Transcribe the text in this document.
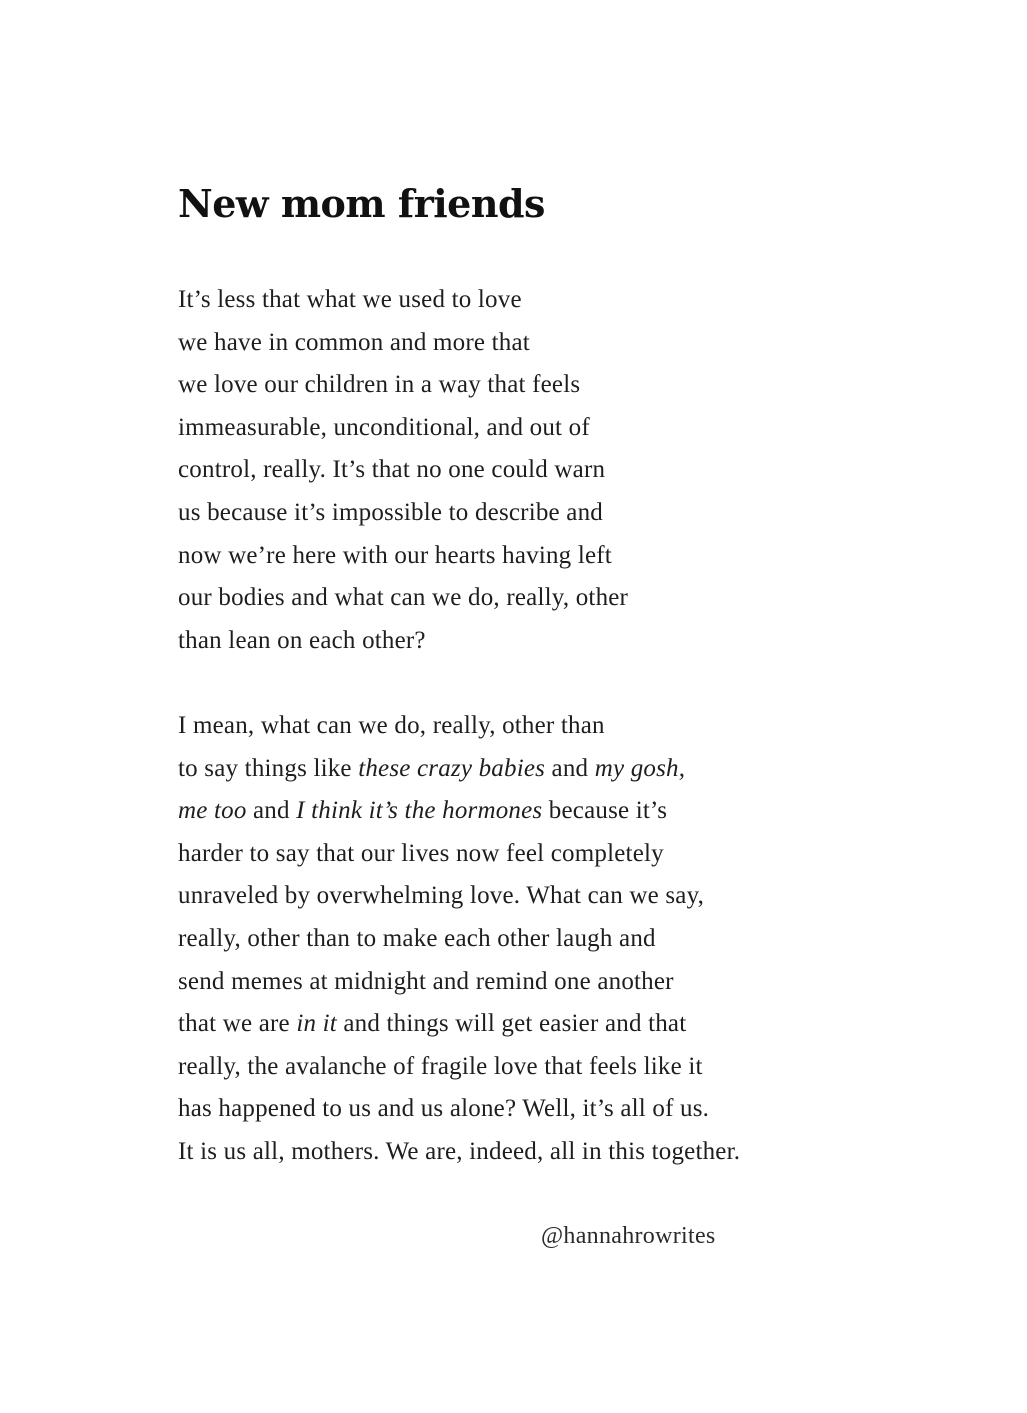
New mom friends
It’s less that what we used to love
we have in common and more that
we love our children in a way that feels
immeasurable, unconditional, and out of
control, really. It’s that no one could warn
us because it’s impossible to describe and
now we’re here with our hearts having left
our bodies and what can we do, really, other
than lean on each other?
I mean, what can we do, really, other than
to say things like these crazy babies and my gosh,
me too and I think it’s the hormones because it’s
harder to say that our lives now feel completely
unraveled by overwhelming love. What can we say,
really, other than to make each other laugh and
send memes at midnight and remind one another
that we are in it and things will get easier and that
really, the avalanche of fragile love that feels like it
has happened to us and us alone? Well, it’s all of us.
It is us all, mothers. We are, indeed, all in this together.

@hannahrowrites
